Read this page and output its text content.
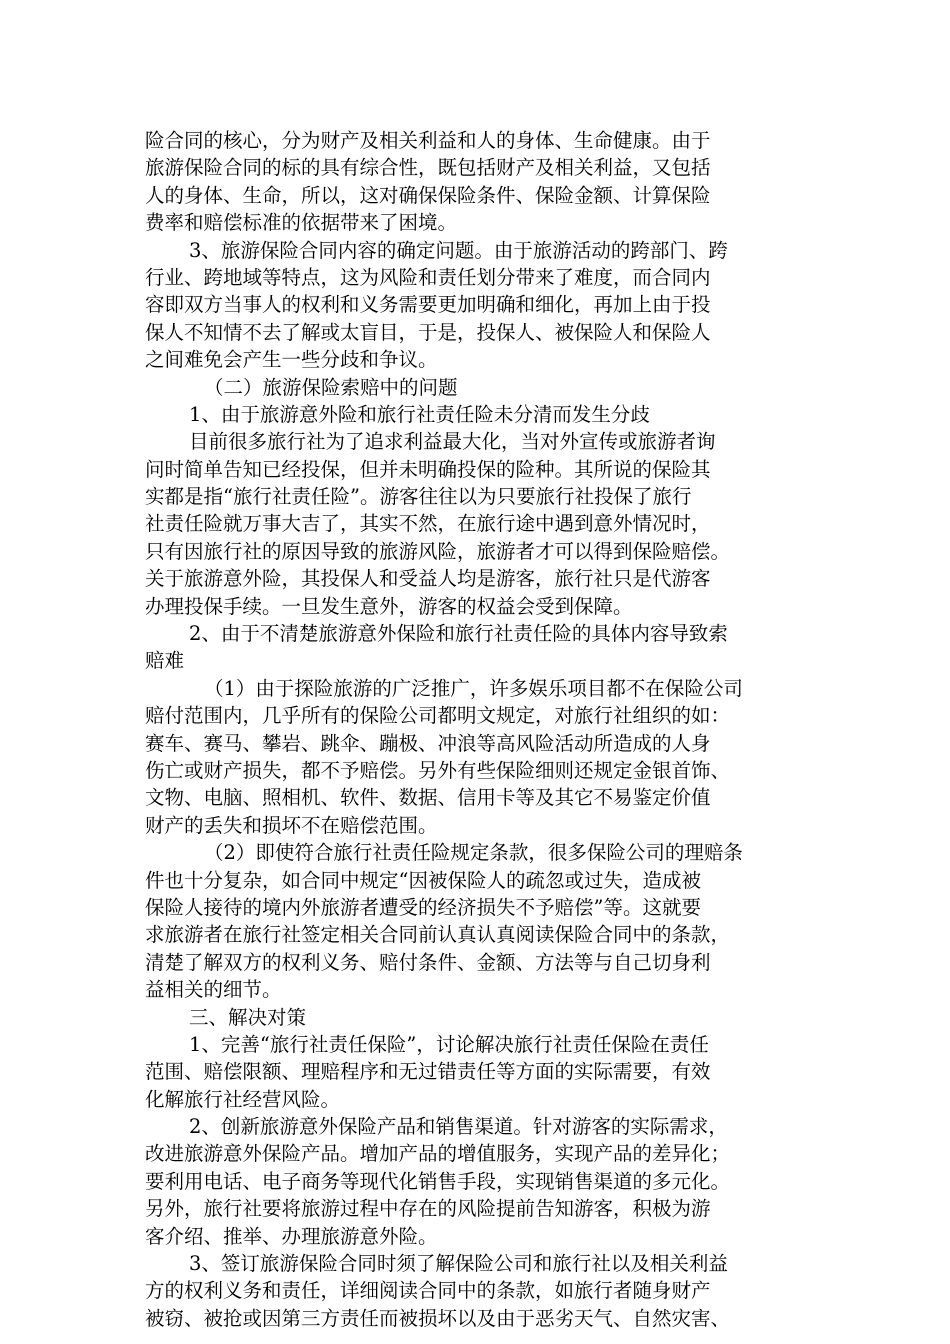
险合同的核心，分为财产及相关利益和人的身体、生命健康。由于
旅游保险合同的标的具有综合性，既包括财产及相关利益，又包括
人的身体、生命，所以，这对确保保险条件、保险金额、计算保险
费率和赔偿标准的依据带来了困境。
3、旅游保险合同内容的确定问题。由于旅游活动的跨部门、跨
行业、跨地域等特点，这为风险和责任划分带来了难度，而合同内
容即双方当事人的权利和义务需要更加明确和细化，再加上由于投
保人不知情不去了解或太盲目，于是，投保人、被保险人和保险人
之间难免会产生一些分歧和争议。
（二）旅游保险索赔中的问题
1、由于旅游意外险和旅行社责任险未分清而发生分歧
目前很多旅行社为了追求利益最大化，当对外宣传或旅游者询
问时简单告知已经投保，但并未明确投保的险种。其所说的保险其
实都是指“旅行社责任险”。游客往往以为只要旅行社投保了旅行
社责任险就万事大吉了，其实不然，在旅行途中遇到意外情况时，
只有因旅行社的原因导致的旅游风险，旅游者才可以得到保险赔偿。
关于旅游意外险，其投保人和受益人均是游客，旅行社只是代游客
办理投保手续。一旦发生意外，游客的权益会受到保障。
2、由于不清楚旅游意外保险和旅行社责任险的具体内容导致索
赔难
（1）由于探险旅游的广泛推广，许多娱乐项目都不在保险公司
赔付范围内，几乎所有的保险公司都明文规定，对旅行社组织的如：
赛车、赛马、攀岩、跳伞、蹦极、冲浪等高风险活动所造成的人身
伤亡或财产损失，都不予赔偿。另外有些保险细则还规定金银首饰、
文物、电脑、照相机、软件、数据、信用卡等及其它不易鉴定价值
财产的丢失和损坏不在赔偿范围。
（2）即使符合旅行社责任险规定条款，很多保险公司的理赔条
件也十分复杂，如合同中规定“因被保险人的疏忽或过失，造成被
保险人接待的境内外旅游者遭受的经济损失不予赔偿”等。这就要
求旅游者在旅行社签定相关合同前认真认真阅读保险合同中的条款，
清楚了解双方的权利义务、赔付条件、金额、方法等与自己切身利
益相关的细节。
三、解决对策
1、完善“旅行社责任保险”，讨论解决旅行社责任保险在责任
范围、赔偿限额、理赔程序和无过错责任等方面的实际需要，有效
化解旅行社经营风险。
2、创新旅游意外保险产品和销售渠道。针对游客的实际需求，
改进旅游意外保险产品。增加产品的增值服务，实现产品的差异化；
要利用电话、电子商务等现代化销售手段，实现销售渠道的多元化。
另外，旅行社要将旅游过程中存在的风险提前告知游客，积极为游
客介绍、推举、办理旅游意外险。
3、签订旅游保险合同时须了解保险公司和旅行社以及相关利益
方的权利义务和责任，详细阅读合同中的条款，如旅行者随身财产
被窃、被抢或因第三方责任而被损坏以及由于恶劣天气、自然灾害、
